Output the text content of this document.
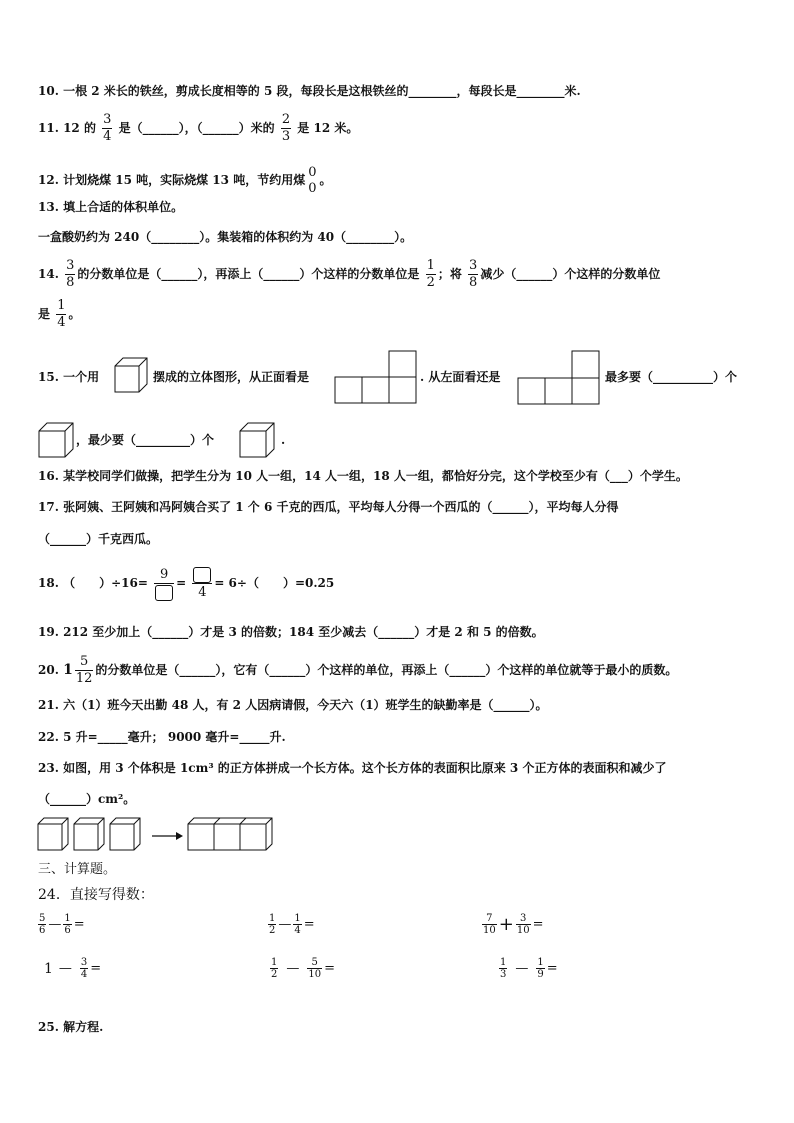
10. 一根 2 米长的铁丝，剪成长度相等的 5 段，每段长是这根铁丝的________，每段长是________米.
11. 12 的 $\frac{3}{4}$ 是（______），（______）米的 $\frac{2}{3}$ 是 12 米。
12. 计划烧煤 15 吨，实际烧煤 13 吨，节约用煤
0
0
。
13. 填上合适的体积单位。
一盒酸奶约为 240（________）。集装箱的体积约为 40（________）。
14. $\frac{3}{8}$ 的分数单位是（______），再添上（______）个这样的分数单位是 $\frac{1}{2}$ ；将 $\frac{3}{8}$ 减少（______）个这样的分数单位
是 $\frac{1}{4}$ 。
15. 一个用	摆成的立体图形，从正面看是	. 从左面看还是	最多要（__________）个
，最少要（_________）个	.
16. 某学校同学们做操，把学生分为 10 人一组，14 人一组，18 人一组，都恰好分完，这个学校至少有（___）个学生。
17. 张阿姨、王阿姨和冯阿姨合买了 1 个 6 千克的西瓜，平均每人分得一个西瓜的（______），平均每人分得
（______）千克西瓜。
18. （　　）÷16=
9
=
4
= 6÷（　　）=0.25
19. 212 至少加上（______）才是 3 的倍数；184 至少减去（______）才是 2 和 5 的倍数。
20. $1 \frac{5}{12}$ 的分数单位是（______），它有（______）个这样的单位，再添上（______）个这样的单位就等于最小的质数。
21. 六（1）班今天出勤 48 人，有 2 人因病请假，今天六（1）班学生的缺勤率是（______）。
22. 5 升=_____毫升； 9000 毫升=_____升.
23. 如图，用 3 个体积是 1cm³ 的正方体拼成一个长方体。这个长方体的表面积比原来 3 个正方体的表面积和减少了
（______）cm²。
三、计算题。
24．直接写得数：
$\frac{5}{6}$ — $\frac{1}{6}$ =	$\frac{1}{2}$ — $\frac{1}{4}$ =	$\frac{7}{10} + \frac{3}{10}$ =
1 — $\frac{3}{4}$ =	$\frac{1}{2}$ — $\frac{5}{10}$ =	$\frac{1}{3}$ — $\frac{1}{9}$ =
25. 解方程.
